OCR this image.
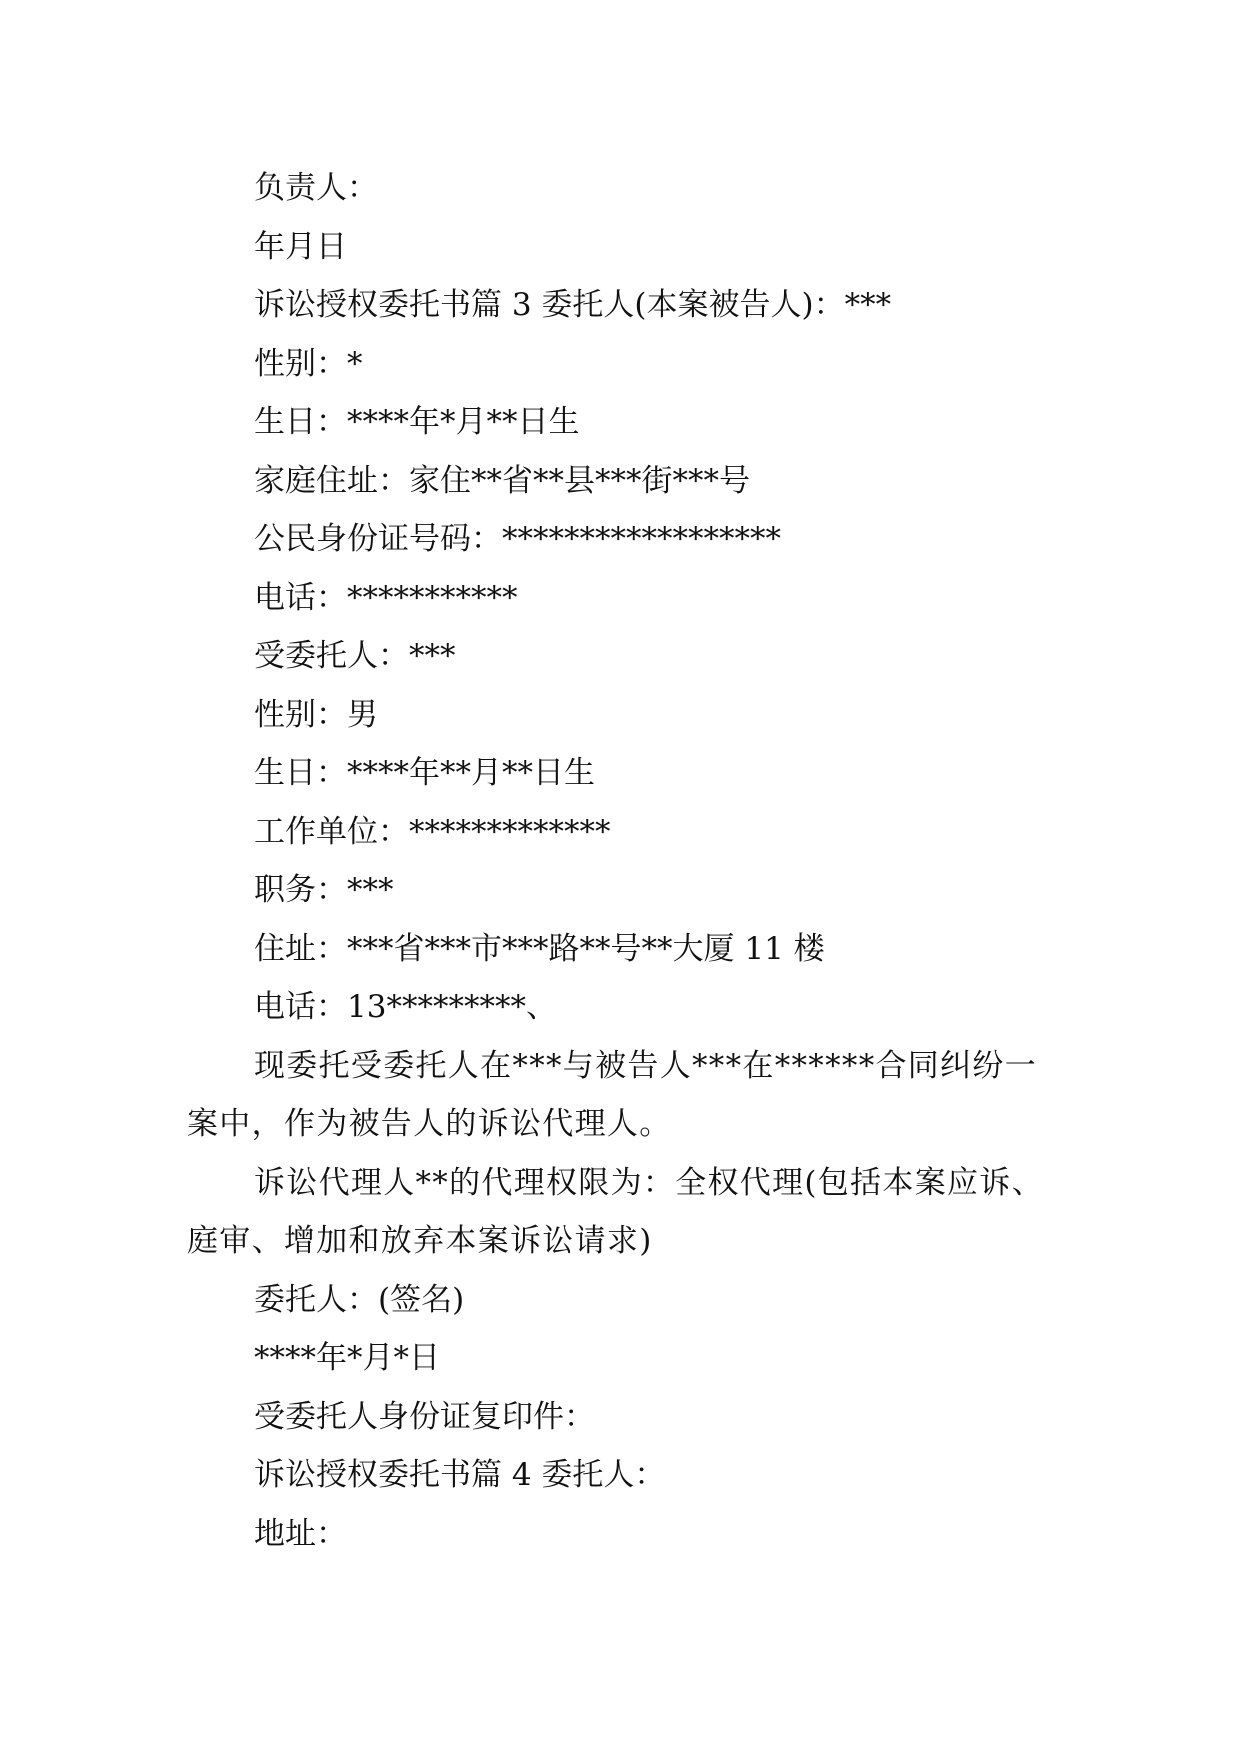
负责人：

年月日

诉讼授权委托书篇 3 委托人(本案被告人)：***

性别：*

生日：****年*月**日生

家庭住址：家住**省**县***街***号

公民身份证号码：******************

电话：***********

受委托人：***

性别：男

生日：****年**月**日生

工作单位：*************

职务：***

住址：***省***市***路**号**大厦 11 楼

电话：13*********、

现委托受委托人在***与被告人***在******合同纠纷一案中，作为被告人的诉讼代理人。

诉讼代理人**的代理权限为：全权代理(包括本案应诉、庭审、增加和放弃本案诉讼请求)

委托人：(签名)

****年*月*日

受委托人身份证复印件：

诉讼授权委托书篇 4 委托人：

地址：
